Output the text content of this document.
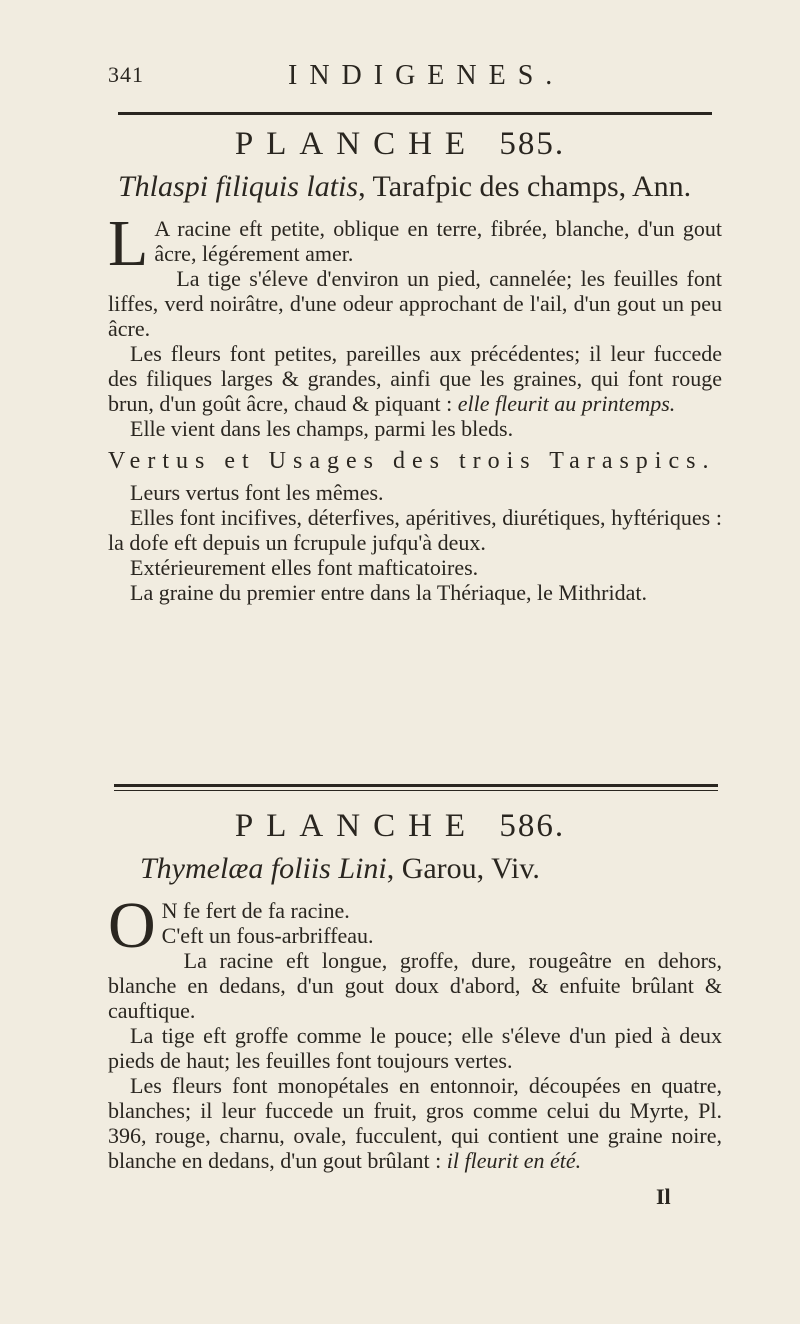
341	INDIGENES.
PLANCHE 585.
Thlaspi filiquis latis, Tarafpic des champs, Ann.

L A racine eft petite, oblique en terre, fibrée, blanche, d'un gout âcre, légérement amer.

La tige s'éleve d'environ un pied, cannelée; les feuilles font liffes, verd noirâtre, d'une odeur approchant de l'ail, d'un gout un peu âcre.

Les fleurs font petites, pareilles aux précédentes; il leur fuccede des filiques larges & grandes, ainfi que les graines, qui font rouge brun, d'un goût âcre, chaud & piquant : elle fleurit au printemps.

Elle vient dans les champs, parmi les bleds.

Vertus et Usages des trois Taraspics.

Leurs vertus font les mêmes.

Elles font incifives, déterfives, apéritives, diurétiques, hyftériques : la dofe eft depuis un fcrupule jufqu'à deux.

Extérieurement elles font mafticatoires.

La graine du premier entre dans la Thériaque, le Mithridat.

PLANCHE 586.
Thymelæa foliis Lini, Garou, Viv.

O N fe fert de fa racine.
C'eft un fous-arbriffeau.

La racine eft longue, groffe, dure, rougeâtre en dehors, blanche en dedans, d'un gout doux d'abord, & enfuite brûlant & cauftique.

La tige eft groffe comme le pouce; elle s'éleve d'un pied à deux pieds de haut; les feuilles font toujours vertes.

Les fleurs font monopétales en entonnoir, découpées en quatre, blanches; il leur fuccede un fruit, gros comme celui du Myrte, Pl. 396, rouge, charnu, ovale, fucculent, qui contient une graine noire, blanche en dedans, d'un gout brûlant : il fleurit en été.

Il
